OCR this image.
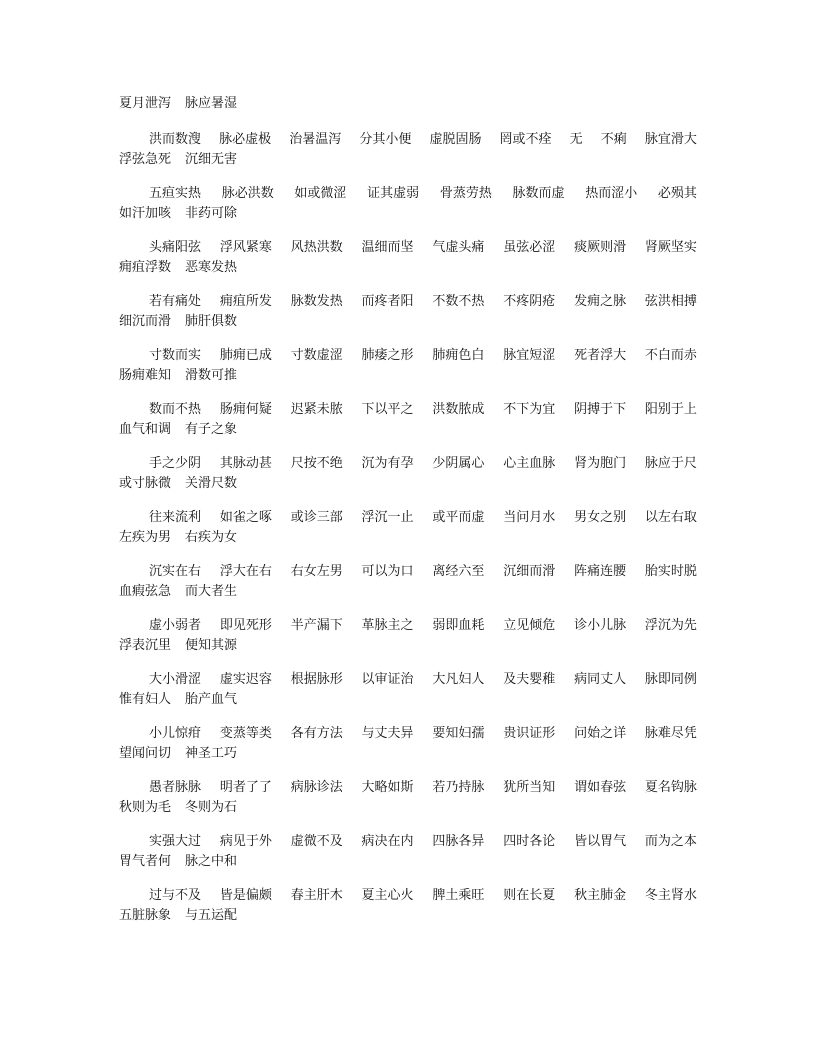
夏月泄泻 脉应暑湿
洪而数溲 脉必虚极 治暑温泻 分其小便 虚脱固肠 罔或不痊 无 不痢 脉宜滑大
浮弦急死 沉细无害
五疸实热 脉必洪数 如或微涩 证其虚弱 骨蒸劳热 脉数而虚 热而涩小 必殒其
如汗加咳 非药可除
头痛阳弦 浮风紧寒 风热洪数 温细而坚 气虚头痛 虽弦必涩 痰厥则滑 肾厥坚实
痈疽浮数 恶寒发热
若有痛处 痈疽所发 脉数发热 而疼者阳 不数不热 不疼阴疮 发痈之脉 弦洪相搏
细沉而滑 肺肝俱数
寸数而实 肺痈已成 寸数虚涩 肺痿之形 肺痈色白 脉宜短涩 死者浮大 不白而赤
肠痈难知 滑数可推
数而不热 肠痈何疑 迟紧未脓 下以平之 洪数脓成 不下为宜 阴搏于下 阳别于上
血气和调 有子之象
手之少阴 其脉动甚 尺按不绝 沉为有孕 少阴属心 心主血脉 肾为胞门 脉应于尺
或寸脉微 关滑尺数
往来流利 如雀之啄 或诊三部 浮沉一止 或平而虚 当问月水 男女之别 以左右取
左疾为男 右疾为女
沉实在右 浮大在右 右女左男 可以为口 离经六至 沉细而滑 阵痛连腰 胎实时脱
血瘕弦急 而大者生
虚小弱者 即见死形 半产漏下 革脉主之 弱即血耗 立见倾危 诊小儿脉 浮沉为先
浮表沉里 便知其源
大小滑涩 虚实迟容 根据脉形 以审证治 大凡妇人 及夫婴稚 病同丈人 脉即同例
惟有妇人 胎产血气
小儿惊疳 变蒸等类 各有方法 与丈夫异 要知妇孺 贵识证形 问始之详 脉难尽凭
望闻问切 神圣工巧
愚者脉脉 明者了了 病脉诊法 大略如斯 若乃持脉 犹所当知 谓如春弦 夏名钩脉
秋则为毛 冬则为石
实强大过 病见于外 虚微不及 病决在内 四脉各异 四时各论 皆以胃气 而为之本
胃气者何 脉之中和
过与不及 皆是偏颇 春主肝木 夏主心火 脾土乘旺 则在长夏 秋主肺金 冬主肾水
五脏脉象 与五运配
